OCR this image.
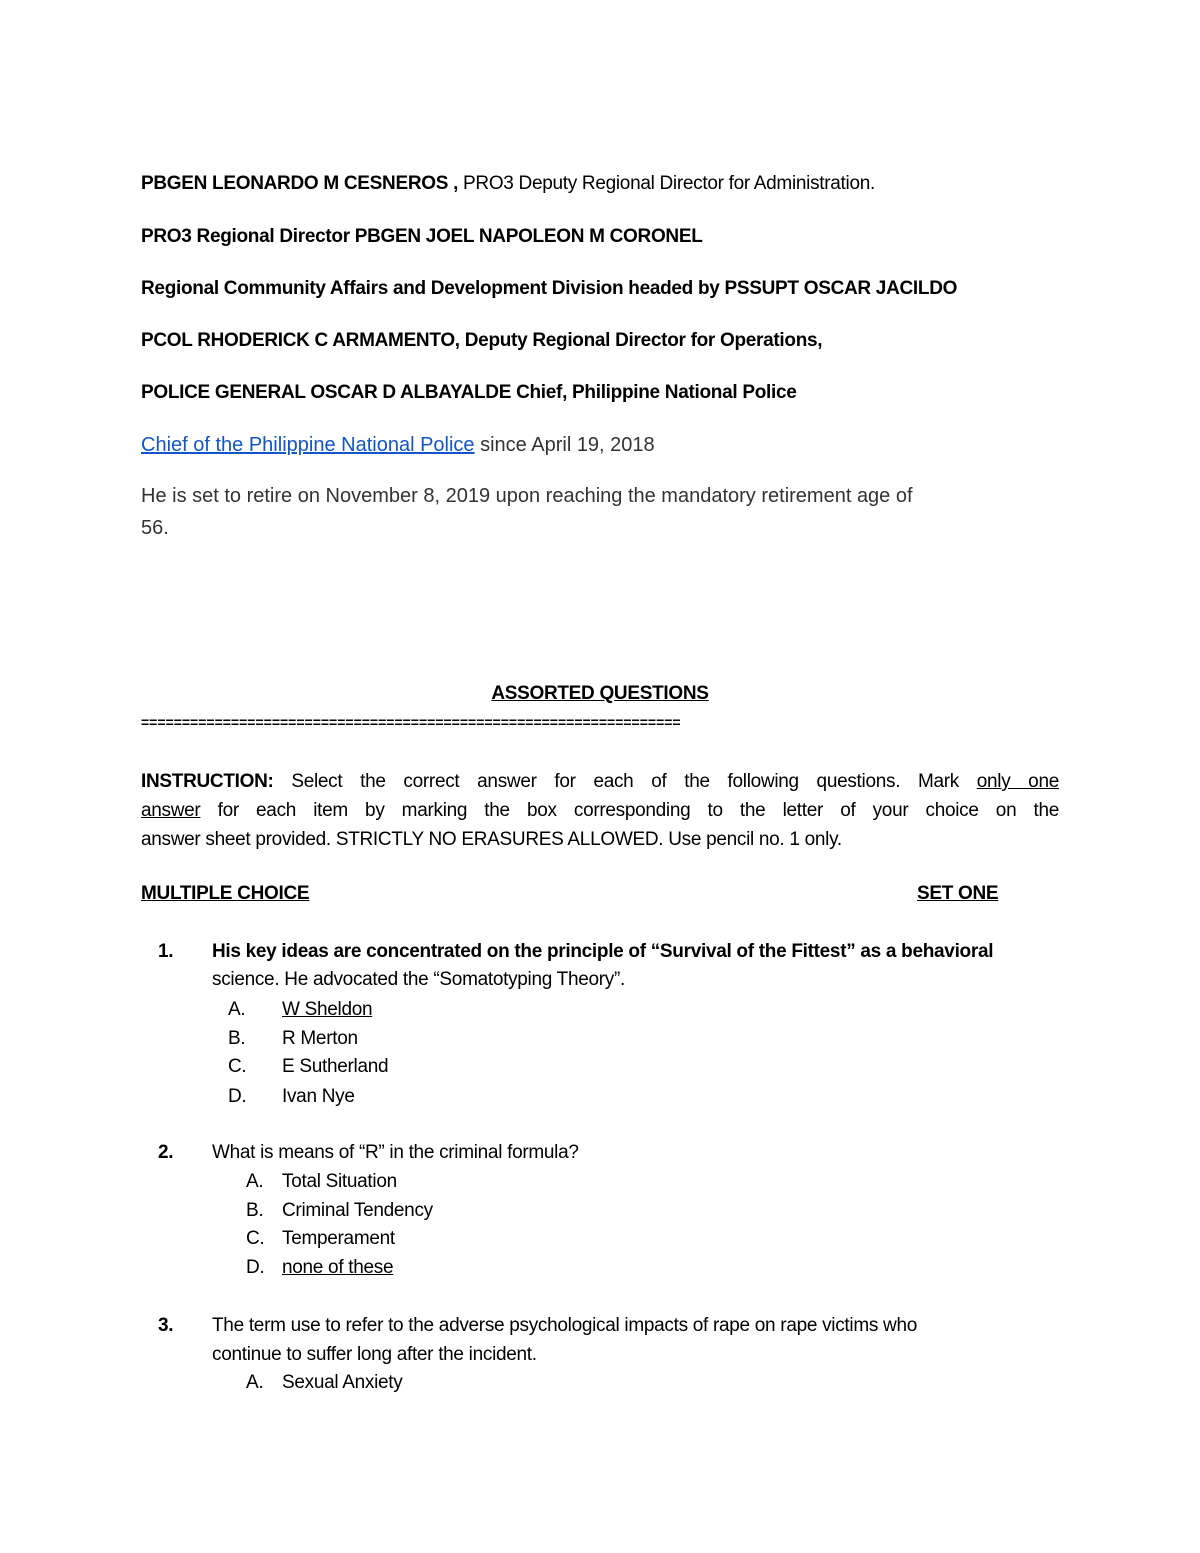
PBGEN LEONARDO M CESNEROS , PRO3 Deputy Regional Director for Administration.
PRO3 Regional Director PBGEN JOEL NAPOLEON M CORONEL
Regional Community Affairs and Development Division headed by PSSUPT OSCAR JACILDO
PCOL RHODERICK C ARMAMENTO, Deputy Regional Director for Operations,
POLICE GENERAL OSCAR D ALBAYALDE Chief, Philippine National Police
Chief of the Philippine National Police since April 19, 2018
He is set to retire on November 8, 2019 upon reaching the mandatory retirement age of
56.
ASSORTED QUESTIONS
==================================================================
INSTRUCTION: Select the correct answer for each of the following questions. Mark only one
answer for each item by marking the box corresponding to the letter of your choice on the
answer sheet provided. STRICTLY NO ERASURES ALLOWED. Use pencil no. 1 only.
MULTIPLE CHOICE	SET ONE
1. His key ideas are concentrated on the principle of “Survival of the Fittest” as a behavioral
science. He advocated the “Somatotyping Theory”.
A. W Sheldon
B. R Merton
C. E Sutherland
D. Ivan Nye
2. What is means of “R” in the criminal formula?
A. Total Situation
B. Criminal Tendency
C. Temperament
D. none of these
3. The term use to refer to the adverse psychological impacts of rape on rape victims who
continue to suffer long after the incident.
A. Sexual Anxiety
